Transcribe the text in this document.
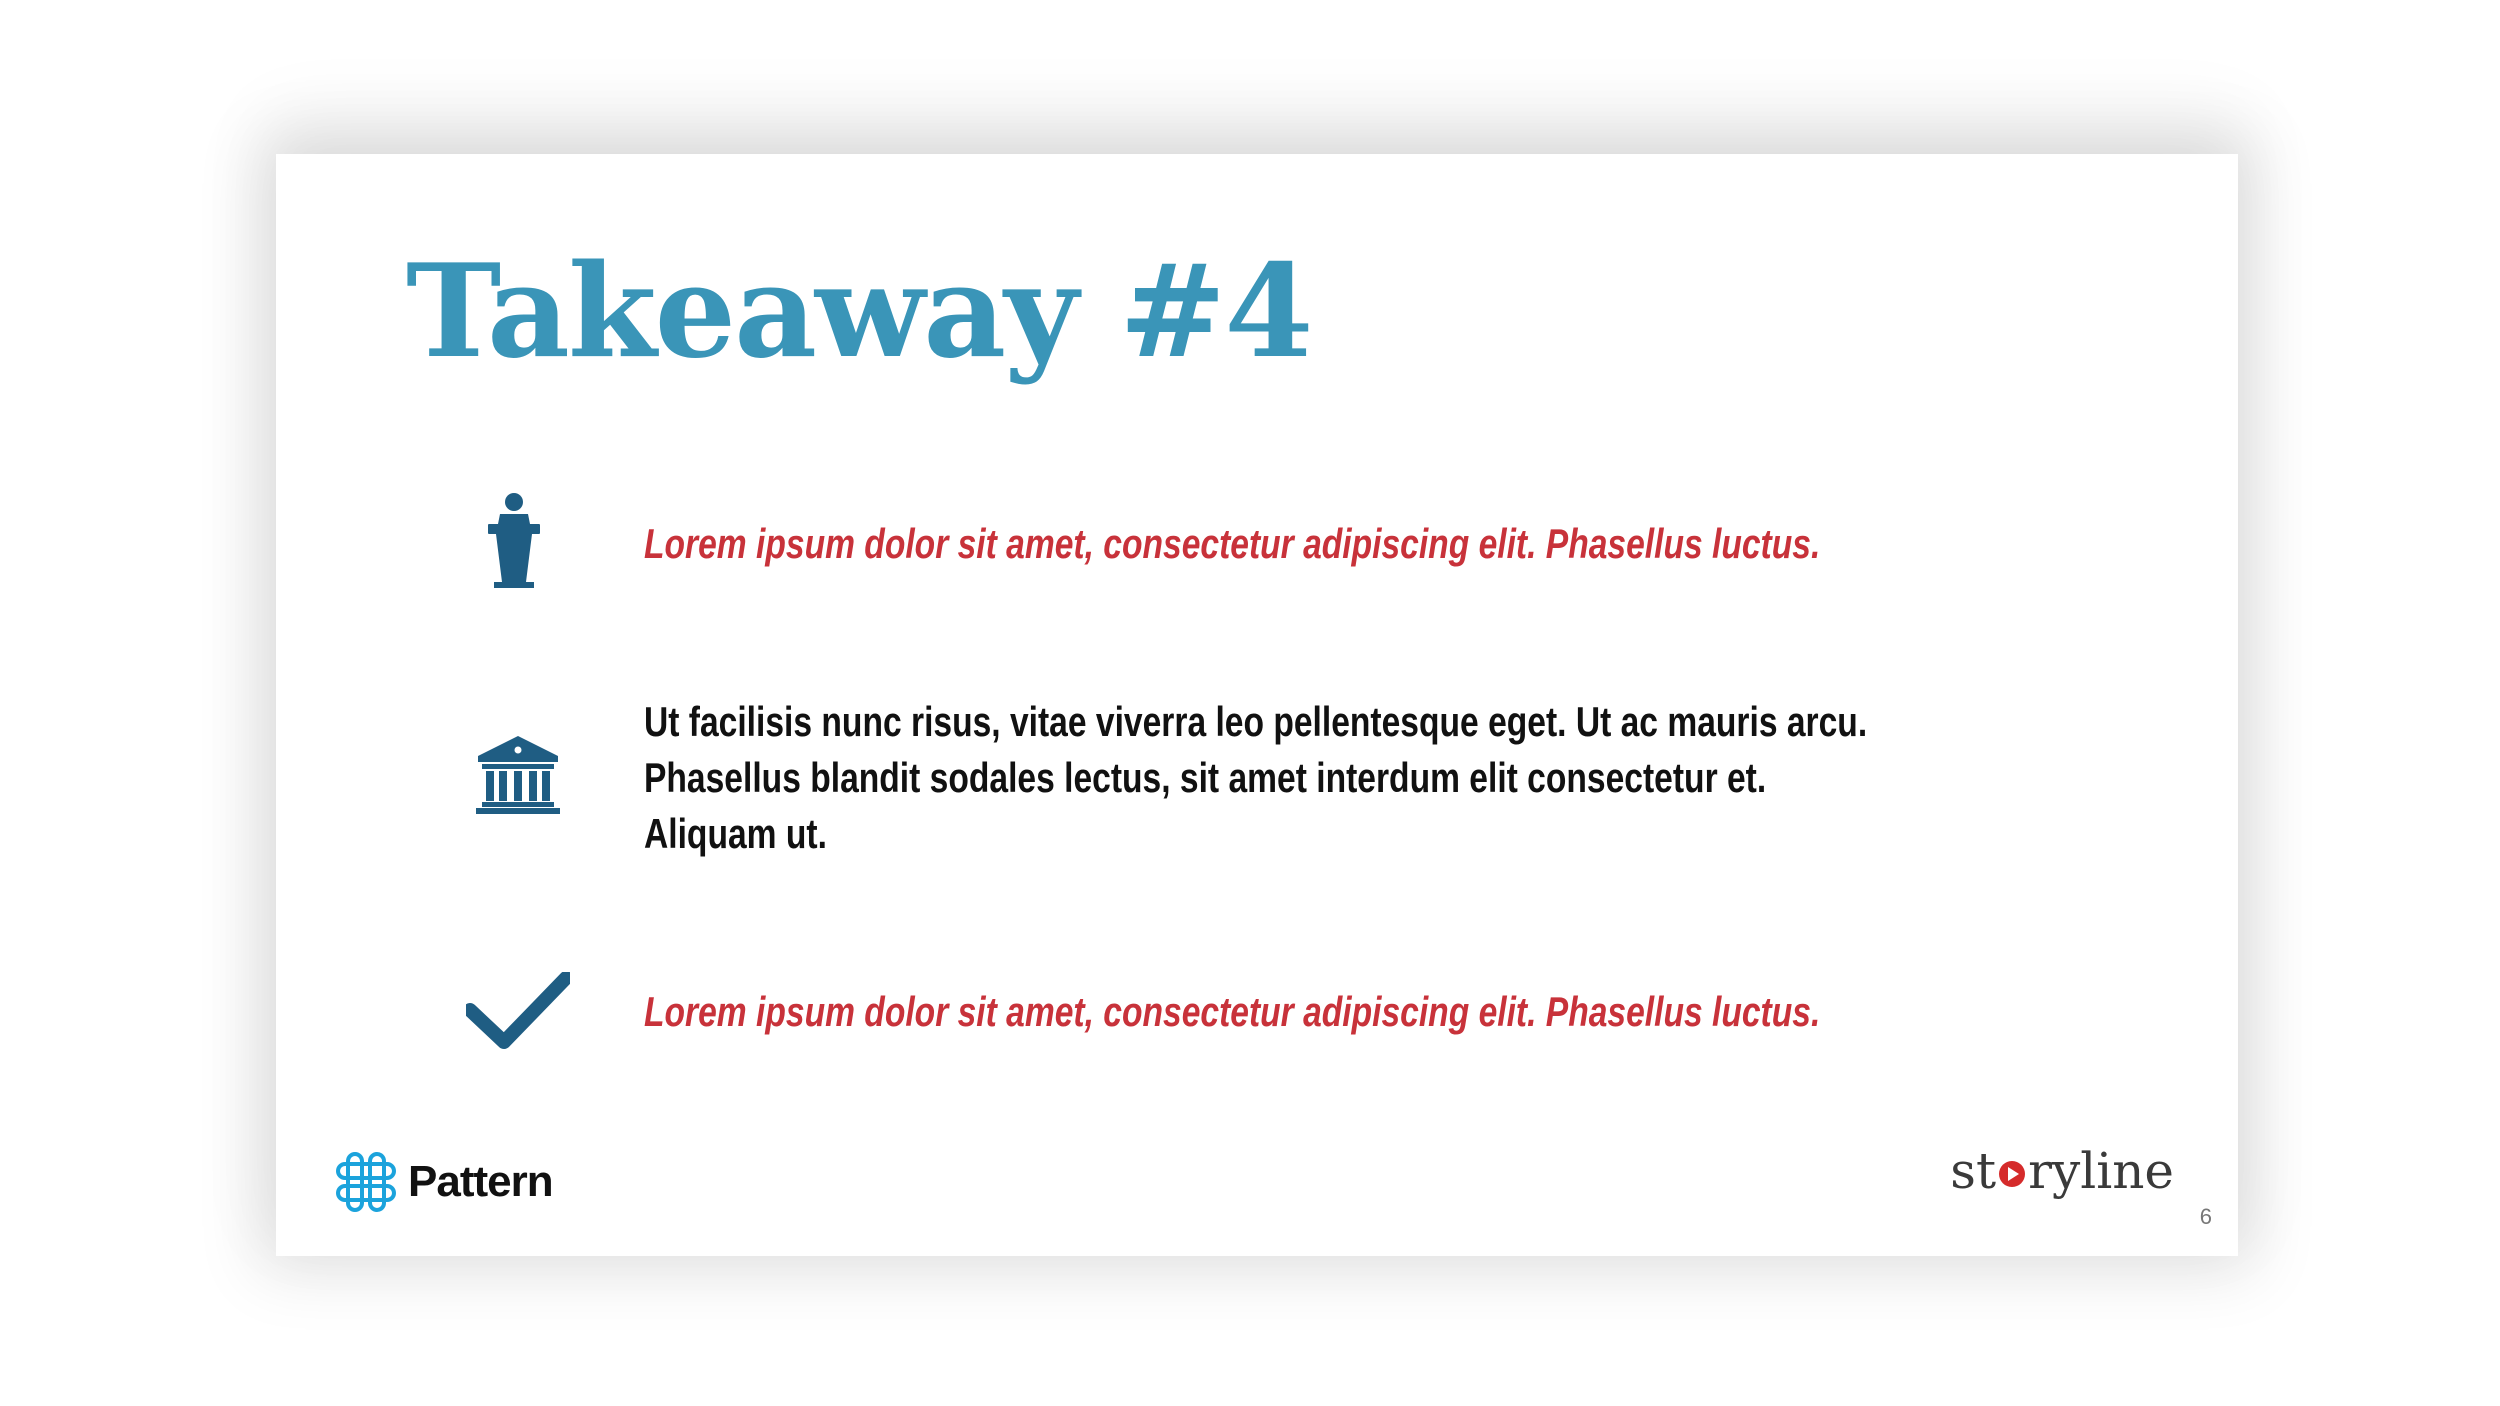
Takeaway #4

Lorem ipsum dolor sit amet, consectetur adipiscing elit. Phasellus luctus.

Ut facilisis nunc risus, vitae viverra leo pellentesque eget. Ut ac mauris arcu.
Phasellus blandit sodales lectus, sit amet interdum elit consectetur et.
Aliquam ut.

Lorem ipsum dolor sit amet, consectetur adipiscing elit. Phasellus luctus.

Pattern	st ryline
6
